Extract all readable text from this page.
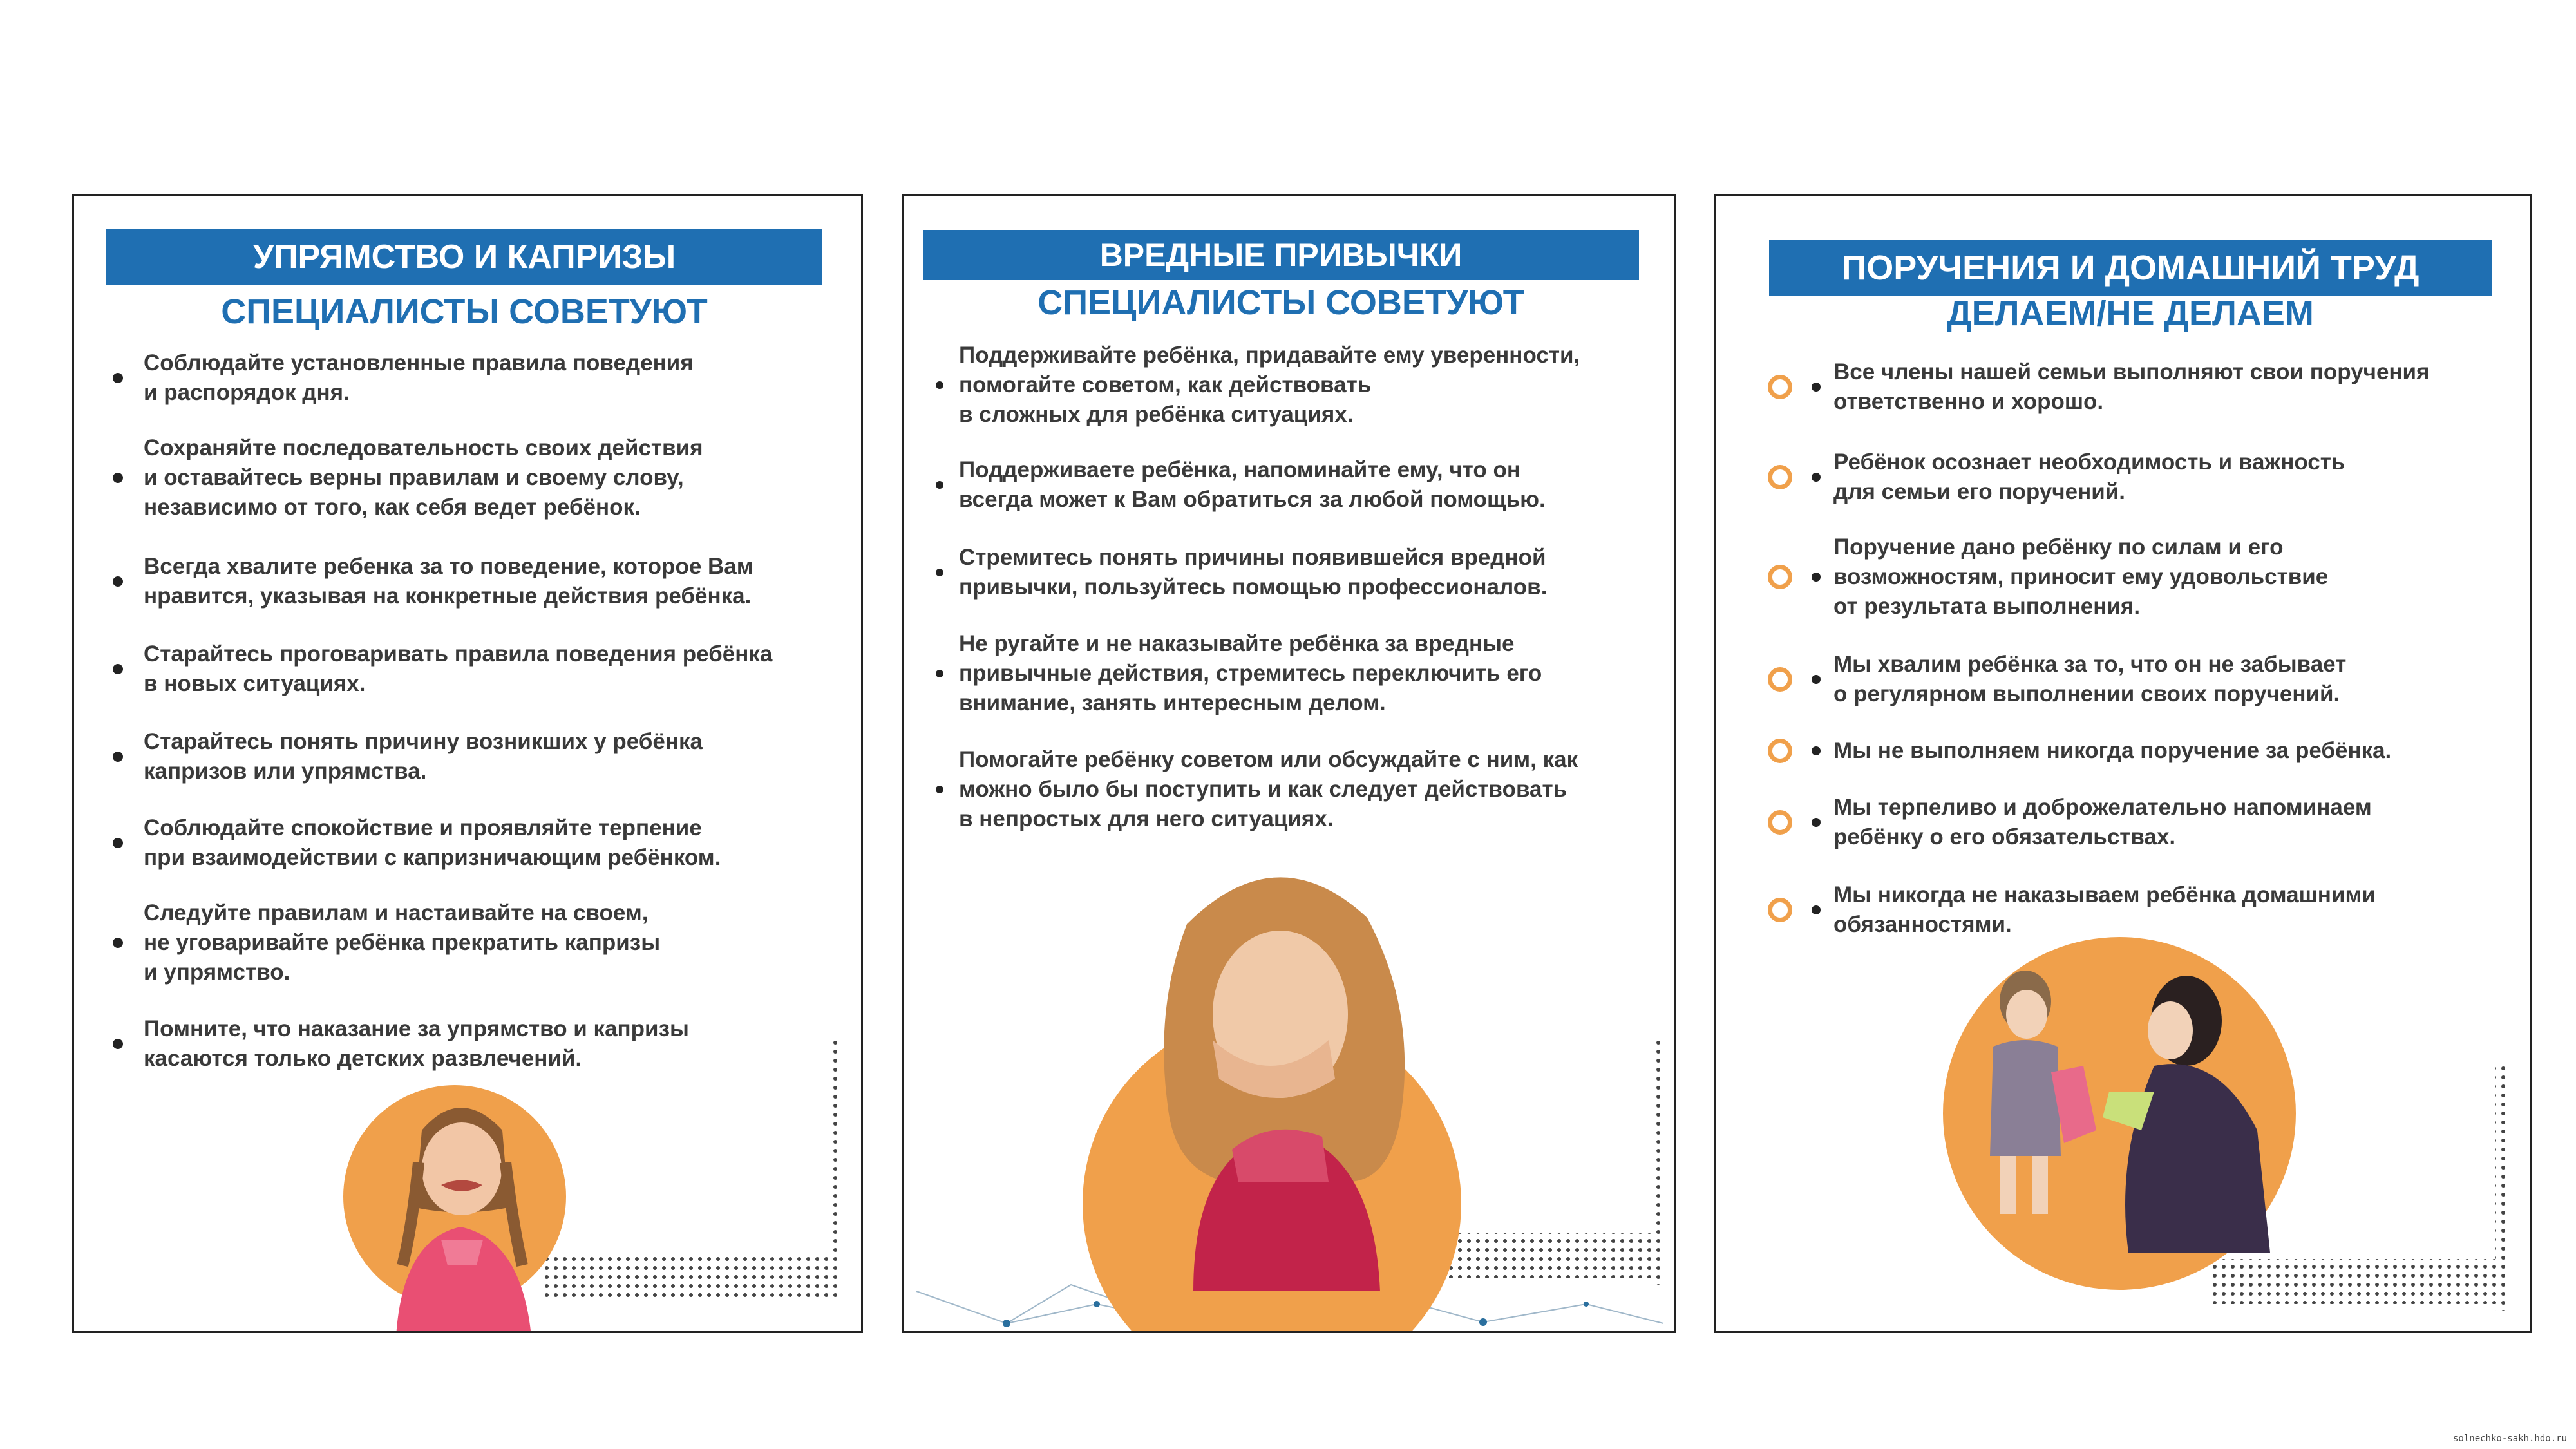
УПРЯМСТВО И КАПРИЗЫ
СПЕЦИАЛИСТЫ СОВЕТУЮТ
Соблюдайте установленные правила поведения
и распорядок дня.
Сохраняйте последовательность своих действия
и оставайтесь верны правилам и своему слову,
независимо от того, как себя ведет ребёнок.
Всегда хвалите ребенка за то поведение, которое Вам
нравится, указывая на конкретные действия ребёнка.
Старайтесь проговаривать правила поведения ребёнка
в новых ситуациях.
Старайтесь понять причину возникших у ребёнка
капризов или упрямства.
Соблюдайте спокойствие и проявляйте терпение
при взаимодействии с капризничающим ребёнком.
Следуйте правилам и настаивайте на своем,
не уговаривайте ребёнка прекратить капризы
и упрямство.
Помните, что наказание за упрямство и капризы
касаются только детских развлечений.
ВРЕДНЫЕ ПРИВЫЧКИ
СПЕЦИАЛИСТЫ СОВЕТУЮТ
Поддерживайте ребёнка, придавайте ему уверенности,
помогайте советом, как действовать
в сложных для ребёнка ситуациях.
Поддерживаете ребёнка, напоминайте ему, что он
всегда может к Вам обратиться за любой помощью.
Стремитесь понять причины появившейся вредной
привычки, пользуйтесь помощью профессионалов.
Не ругайте и не наказывайте ребёнка за вредные
привычные действия, стремитесь переключить его
внимание, занять интересным делом.
Помогайте ребёнку советом или обсуждайте с ним, как
можно было бы поступить и как следует действовать
в непростых для него ситуациях.
ПОРУЧЕНИЯ И ДОМАШНИЙ ТРУД
ДЕЛАЕМ/НЕ ДЕЛАЕМ
Все члены нашей семьи выполняют свои поручения
ответственно и хорошо.
Ребёнок осознает необходимость и важность
для семьи его поручений.
Поручение дано ребёнку по силам и его
возможностям, приносит ему удовольствие
от результата выполнения.
Мы хвалим ребёнка за то, что он не забывает
о регулярном выполнении своих поручений.
Мы не выполняем никогда поручение за ребёнка.
Мы терпеливо и доброжелательно напоминаем
ребёнку о его обязательствах.
Мы никогда не наказываем ребёнка домашними
обязанностями.
solnechko-sakh.hdo.ru
